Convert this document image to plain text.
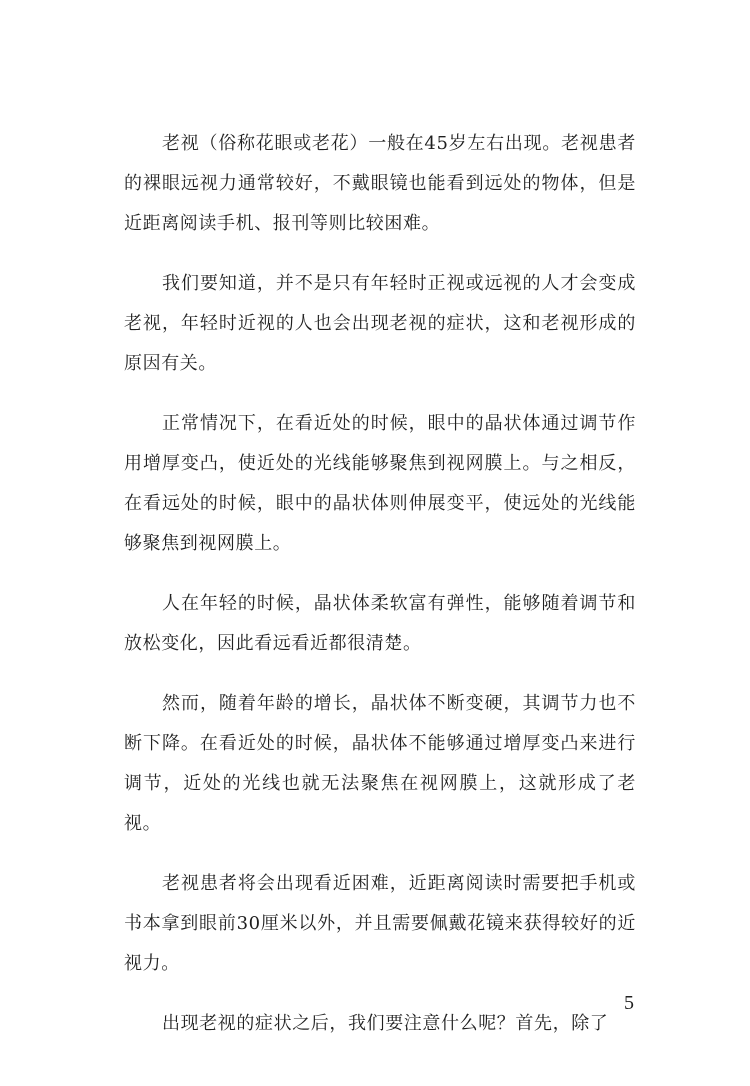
老视（俗称花眼或老花）一般在45岁左右出现。老视患者的裸眼远视力通常较好，不戴眼镜也能看到远处的物体，但是近距离阅读手机、报刊等则比较困难。

我们要知道，并不是只有年轻时正视或远视的人才会变成老视，年轻时近视的人也会出现老视的症状，这和老视形成的原因有关。

正常情况下，在看近处的时候，眼中的晶状体通过调节作用增厚变凸，使近处的光线能够聚焦到视网膜上。与之相反，在看远处的时候，眼中的晶状体则伸展变平，使远处的光线能够聚焦到视网膜上。

人在年轻的时候，晶状体柔软富有弹性，能够随着调节和放松变化，因此看远看近都很清楚。

然而，随着年龄的增长，晶状体不断变硬，其调节力也不断下降。在看近处的时候，晶状体不能够通过增厚变凸来进行调节，近处的光线也就无法聚焦在视网膜上，这就形成了老视。

老视患者将会出现看近困难，近距离阅读时需要把手机或书本拿到眼前30厘米以外，并且需要佩戴花镜来获得较好的近视力。

出现老视的症状之后，我们要注意什么呢？首先，除了

5
